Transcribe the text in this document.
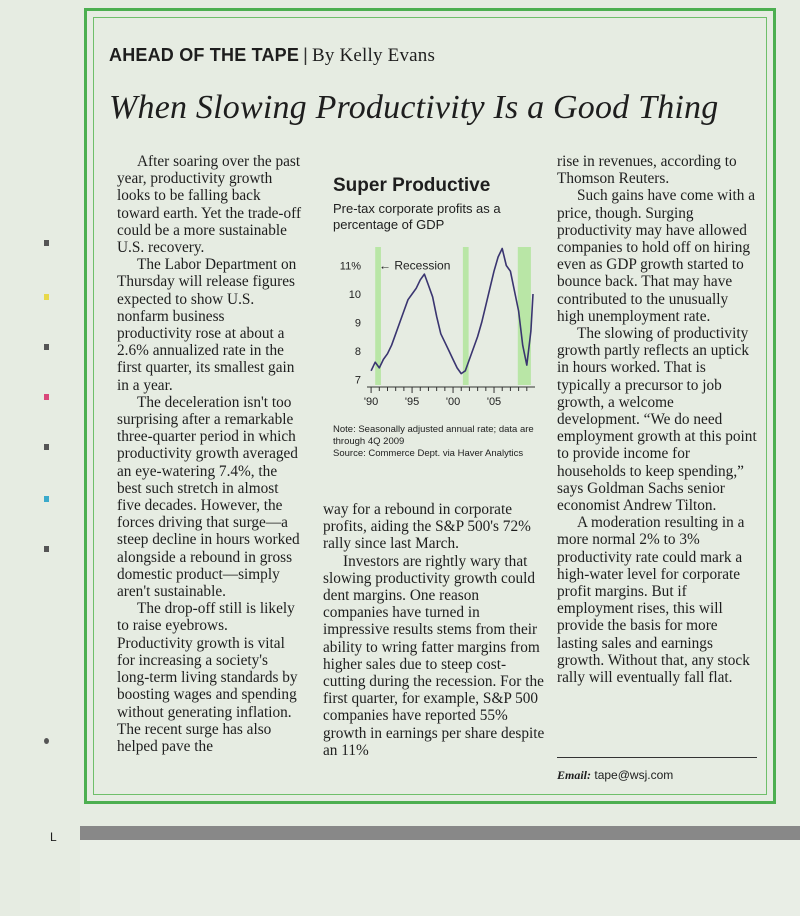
L
AHEAD OF THE TAPE | By Kelly Evans
When Slowing Productivity Is a Good Thing

After soaring over the past year, productivity growth looks to be falling back toward earth. Yet the trade-off could be a more sustainable U.S. recovery.

The Labor Department on Thursday will release figures expected to show U.S. nonfarm business productivity rose at about a 2.6% annualized rate in the first quarter, its smallest gain in a year.

The deceleration isn't too surprising after a remarkable three-quarter period in which productivity growth averaged an eye-watering 7.4%, the best such stretch in almost five decades. However, the forces driving that surge—a steep decline in hours worked alongside a rebound in gross domestic product—simply aren't sustainable.

The drop-off still is likely to raise eyebrows. Productivity growth is vital for increasing a society's long-term living standards by boosting wages and spending without generating inflation. The recent surge has also helped pave the

Super Productive
Pre-tax corporate profits as a percentage of GDP
'90 '95 '00 '05
7
8
9
10
11% ← Recession
Note: Seasonally adjusted annual rate; data are through 4Q 2009
Source: Commerce Dept. via Haver Analytics

way for a rebound in corporate profits, aiding the S&P 500's 72% rally since last March.

Investors are rightly wary that slowing productivity growth could dent margins. One reason companies have turned in impressive results stems from their ability to wring fatter margins from higher sales due to steep cost-cutting during the recession. For the first quarter, for example, S&P 500 companies have reported 55% growth in earnings per share despite an 11%

rise in revenues, according to Thomson Reuters.

Such gains have come with a price, though. Surging productivity may have allowed companies to hold off on hiring even as GDP growth started to bounce back. That may have contributed to the unusually high unemployment rate.

The slowing of productivity growth partly reflects an uptick in hours worked. That is typically a precursor to job growth, a welcome development. “We do need employment growth at this point to provide income for households to keep spending,” says Goldman Sachs senior economist Andrew Tilton.

A moderation resulting in a more normal 2% to 3% productivity rate could mark a high-water level for corporate profit margins. But if employment rises, this will provide the basis for more lasting sales and earnings growth. Without that, any stock rally will eventually fall flat.

Email: tape@wsj.com
